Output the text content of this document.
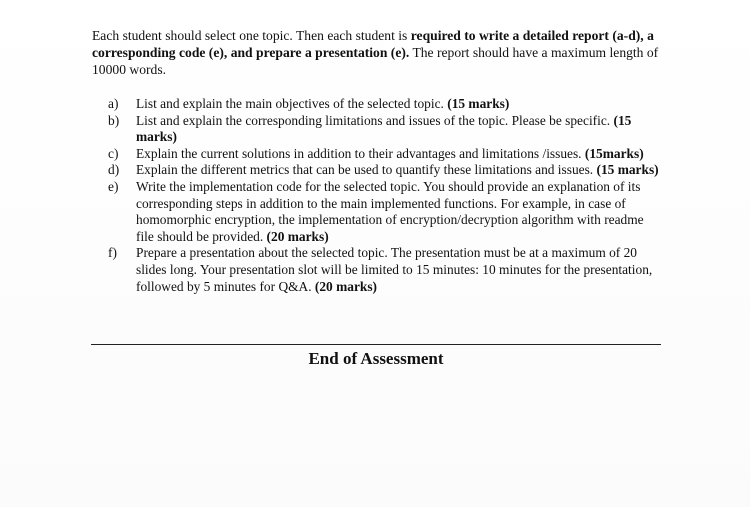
Each student should select one topic. Then each student is required to write a detailed report (a-d), a corresponding code (e), and prepare a presentation (e). The report should have a maximum length of 10000 words.

a)	List and explain the main objectives of the selected topic. (15 marks)
b)	List and explain the corresponding limitations and issues of the topic. Please be specific. (15 marks)
c)	Explain the current solutions in addition to their advantages and limitations /issues. (15marks)
d)	Explain the different metrics that can be used to quantify these limitations and issues. (15 marks)
e)	Write the implementation code for the selected topic. You should provide an explanation of its corresponding steps in addition to the main implemented functions. For example, in case of homomorphic encryption, the implementation of encryption/decryption algorithm with readme file should be provided. (20 marks)
f)	Prepare a presentation about the selected topic. The presentation must be at a maximum of 20 slides long. Your presentation slot will be limited to 15 minutes: 10 minutes for the presentation, followed by 5 minutes for Q&A. (20 marks)
End of Assessment
